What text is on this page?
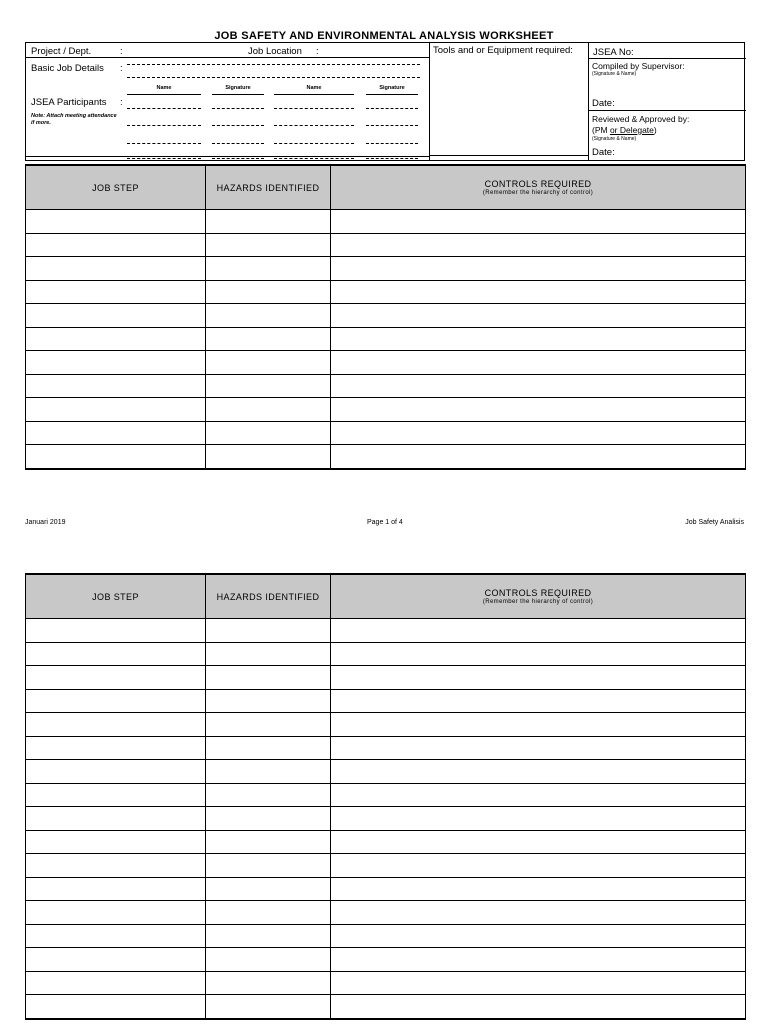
JOB SAFETY AND ENVIRONMENTAL ANALYSIS WORKSHEET
Project / Dept.	:	Job Location :	Tools and or Equipment required: JSEA No:
Basic Job Details :
Name	Signature	Name	Signature
JSEA Participants :
Note: Attach meeting attendance if more.
Compiled by Supervisor:
(Signature & Name)
Date:
Reviewed & Approved by:
(PM or Delegate)
(Signature & Name)
Date:
JOB STEP	HAZARDS IDENTIFIED	CONTROLS REQUIRED
(Remember the hierarchy of control)

Januari 2019	Page 1 of 4	Job Safety Analisis
JOB STEP	HAZARDS IDENTIFIED	CONTROLS REQUIRED
(Remember the hierarchy of control)
